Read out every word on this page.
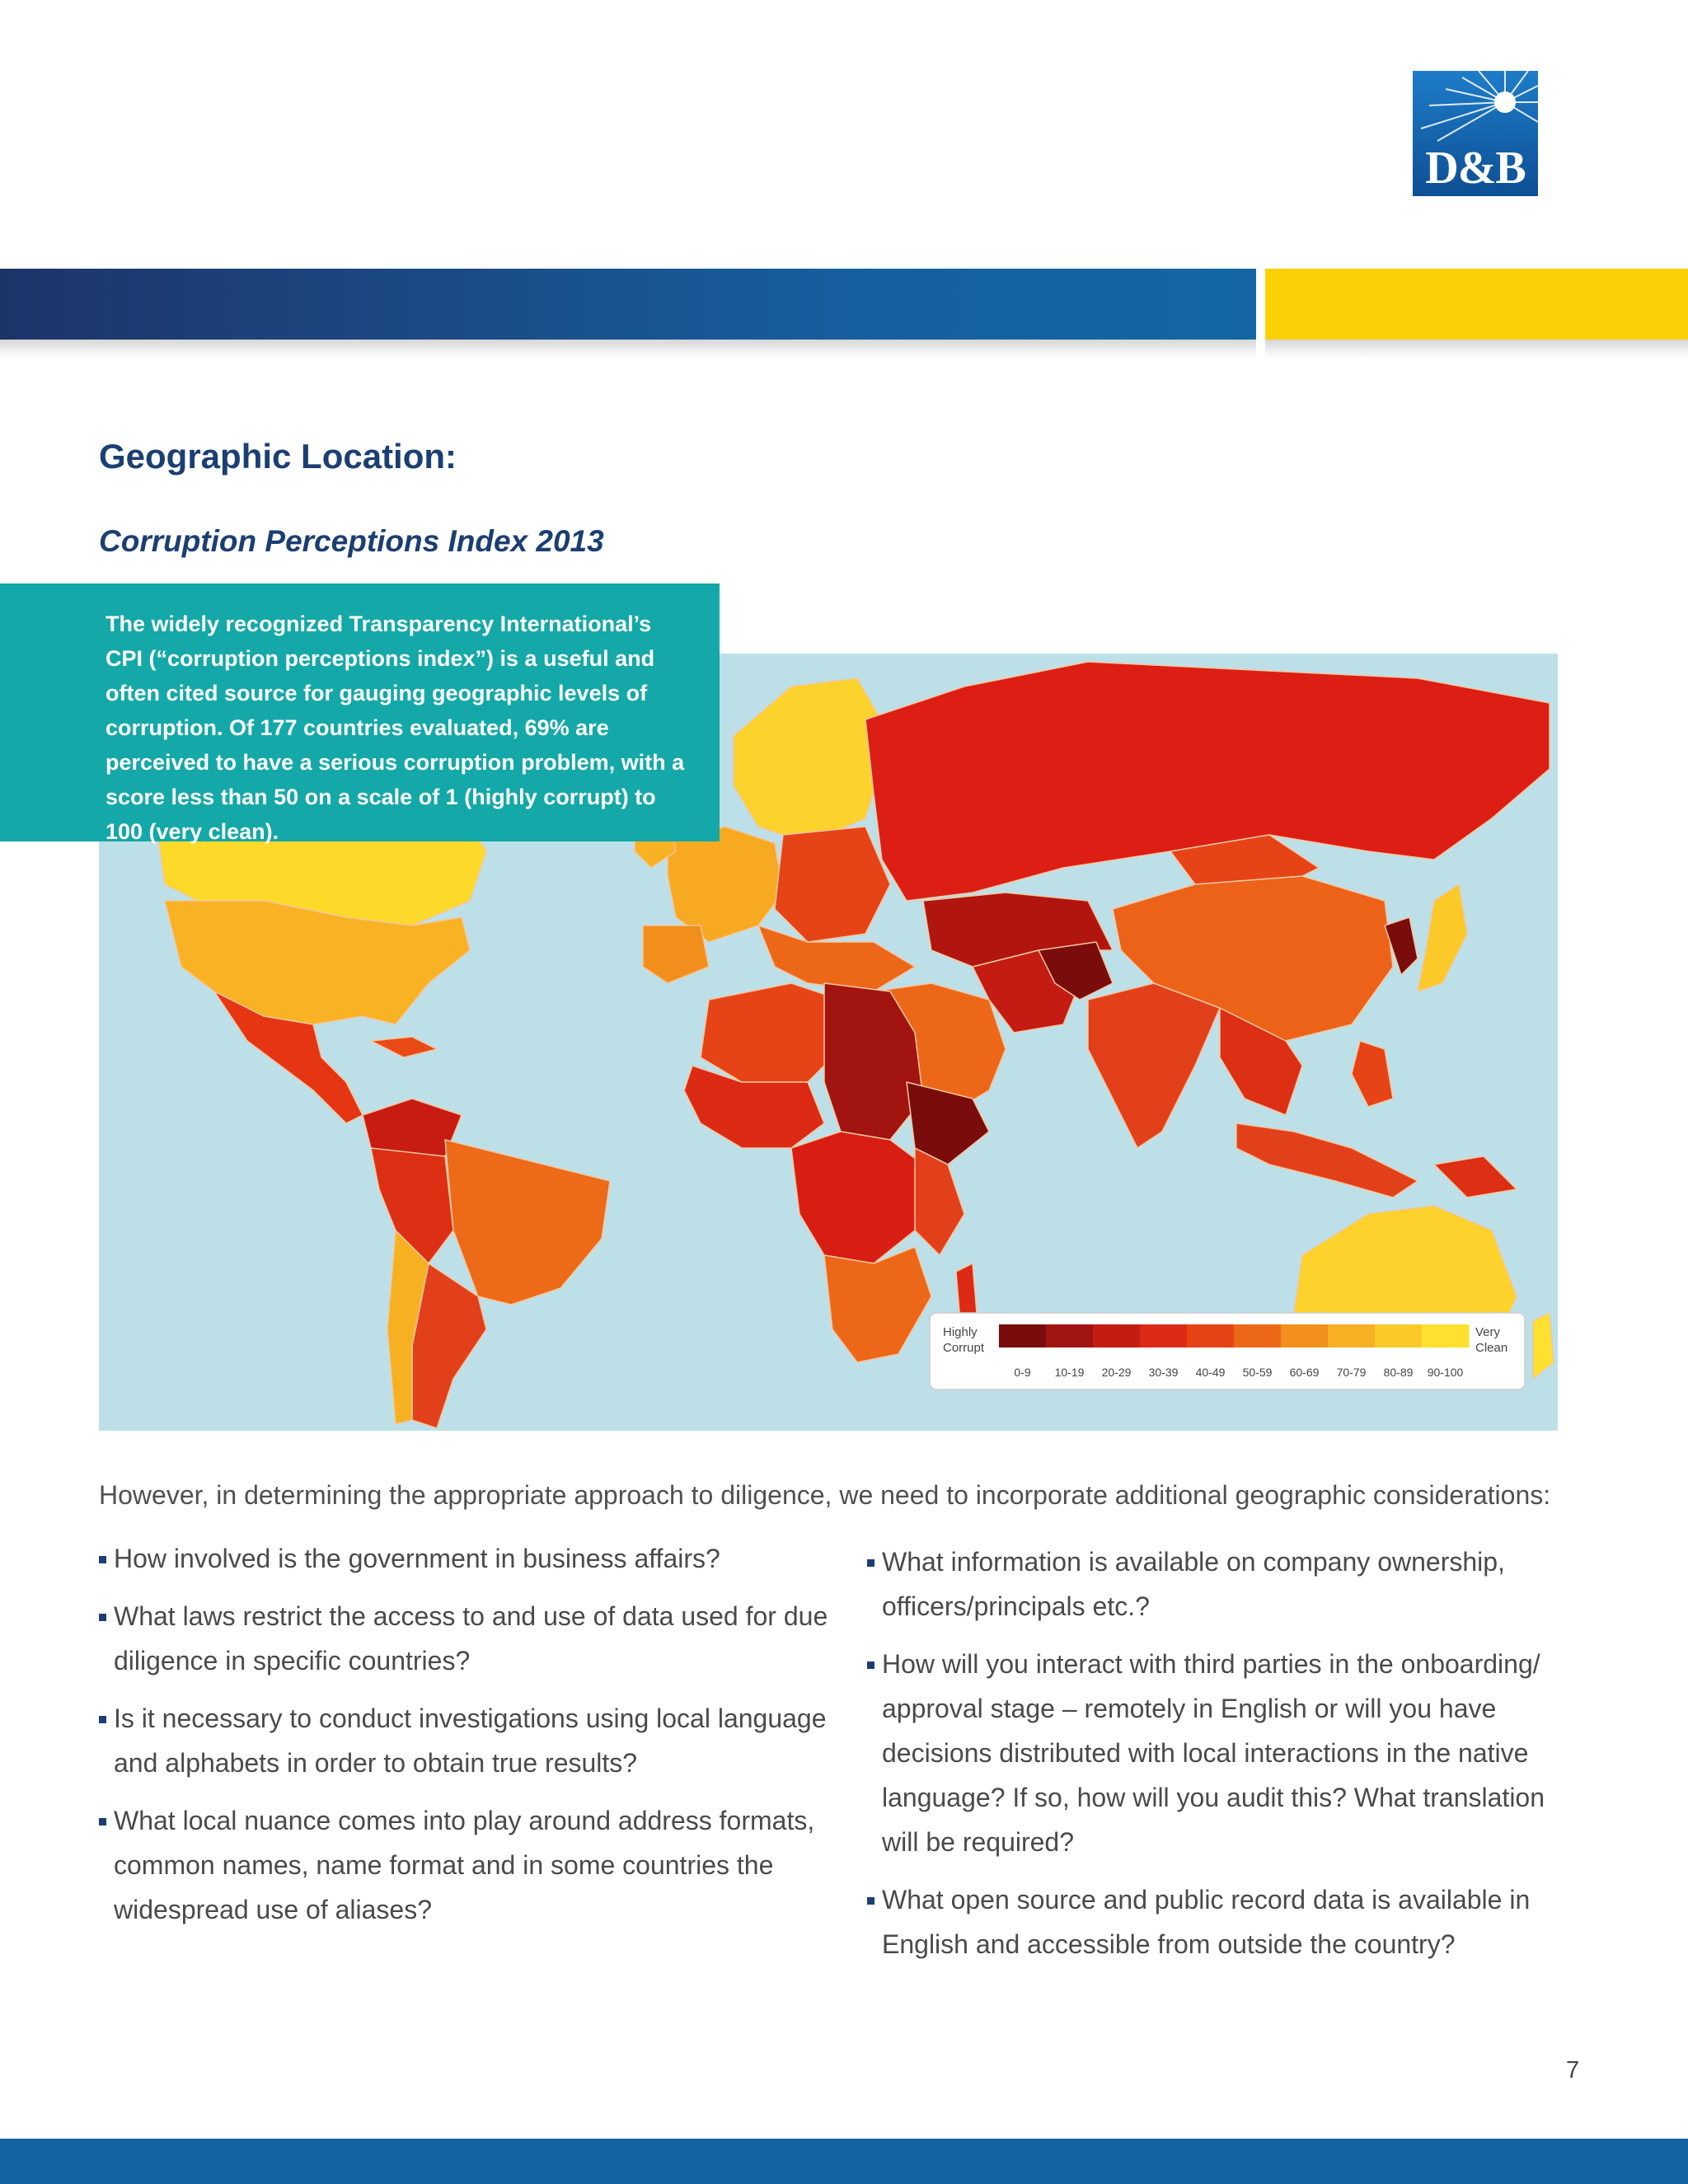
D&B
Geographic Location:
Corruption Perceptions Index 2013
Highly
Corrupt
Very
Clean
0-9 10-19 20-29 30-39 40-49 50-59 60-69 70-79 80-89 90-100

The widely recognized Transparency International’s CPI (“corruption perceptions index”) is a useful and often cited source for gauging geographic levels of corruption. Of 177 countries evaluated, 69% are perceived to have a serious corruption problem, with a score less than 50 on a scale of 1 (highly corrupt) to 100 (very clean).

However, in determining the appropriate approach to diligence, we need to incorporate additional geographic considerations:

How involved is the government in business affairs?
What laws restrict the access to and use of data used for due diligence in specific countries?
Is it necessary to conduct investigations using local language and alphabets in order to obtain true results?
What local nuance comes into play around address formats, common names, name format and in some countries the widespread use of aliases?
What information is available on company ownership, officers/principals etc.?
How will you interact with third parties in the onboarding/ approval stage – remotely in English or will you have decisions distributed with local interactions in the native language? If so, how will you audit this? What translation will be required?
What open source and public record data is available in English and accessible from outside the country?
7
